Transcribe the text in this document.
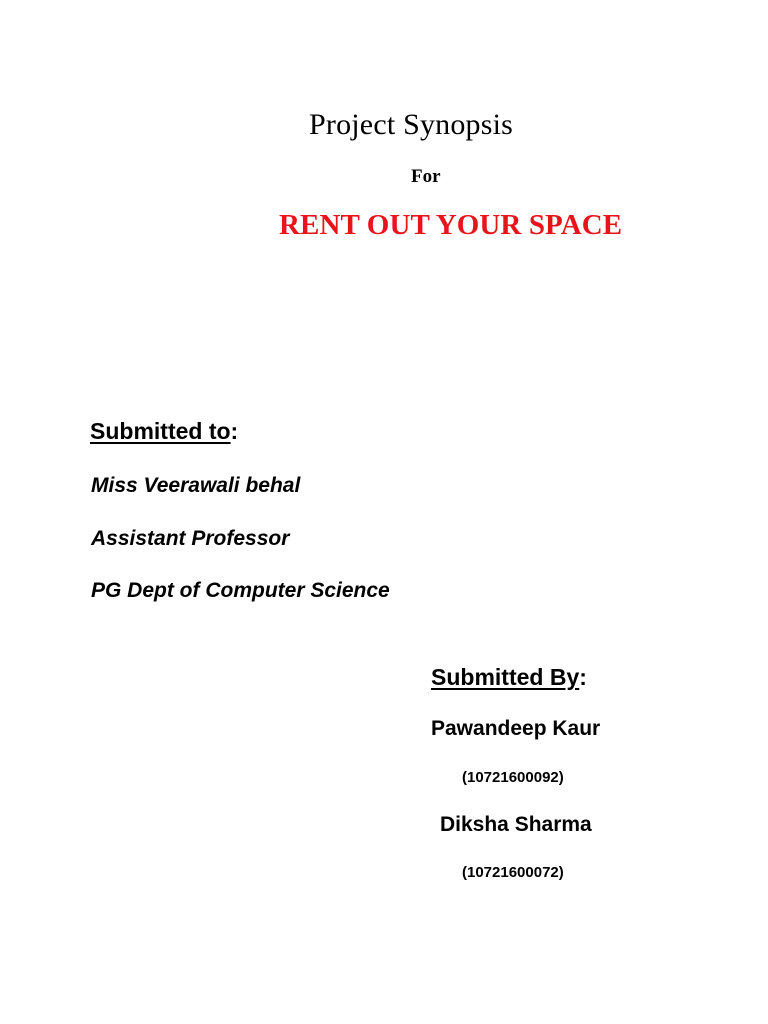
Project Synopsis
For
RENT OUT YOUR SPACE
Submitted to:
Miss Veerawali behal
Assistant Professor
PG Dept of Computer Science
Submitted By:
Pawandeep Kaur
(10721600092)
Diksha Sharma
(10721600072)
